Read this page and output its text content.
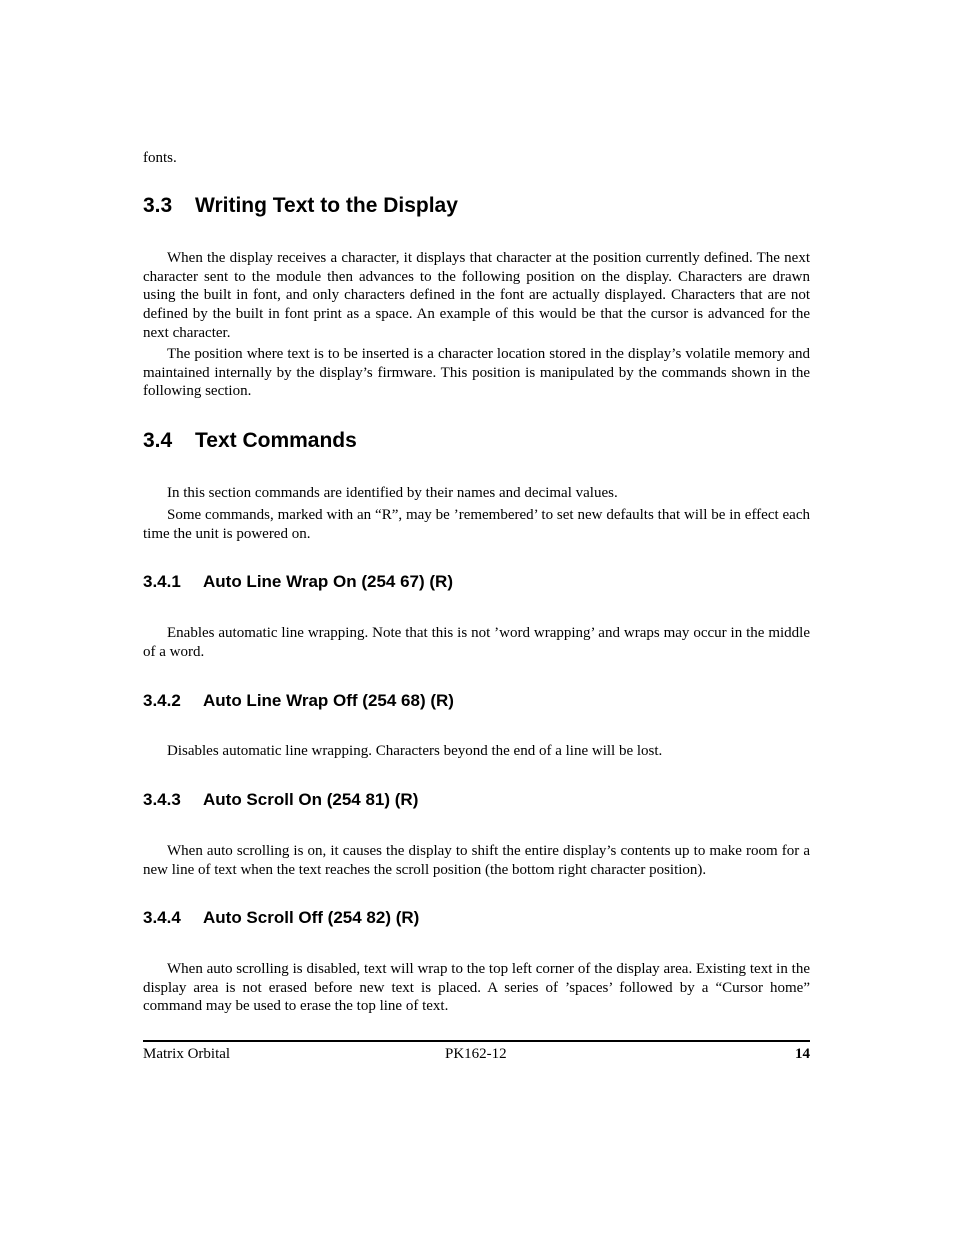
fonts.

3.3 Writing Text to the Display

When the display receives a character, it displays that character at the position currently defined. The next character sent to the module then advances to the following position on the display. Characters are drawn using the built in font, and only characters defined in the font are actually displayed. Characters that are not defined by the built in font print as a space. An example of this would be that the cursor is advanced for the next character.

The position where text is to be inserted is a character location stored in the display’s volatile memory and maintained internally by the display’s firmware. This position is manipulated by the commands shown in the following section.

3.4 Text Commands

In this section commands are identified by their names and decimal values.

Some commands, marked with an “R”, may be ’remembered’ to set new defaults that will be in effect each time the unit is powered on.

3.4.1 Auto Line Wrap On (254 67) (R)

Enables automatic line wrapping. Note that this is not ’word wrapping’ and wraps may occur in the middle of a word.

3.4.2 Auto Line Wrap Off (254 68) (R)

Disables automatic line wrapping. Characters beyond the end of a line will be lost.

3.4.3 Auto Scroll On (254 81) (R)

When auto scrolling is on, it causes the display to shift the entire display’s contents up to make room for a new line of text when the text reaches the scroll position (the bottom right character position).

3.4.4 Auto Scroll Off (254 82) (R)

When auto scrolling is disabled, text will wrap to the top left corner of the display area. Existing text in the display area is not erased before new text is placed. A series of ’spaces’ followed by a “Cursor home” command may be used to erase the top line of text.

Matrix Orbital	PK162-12	14
